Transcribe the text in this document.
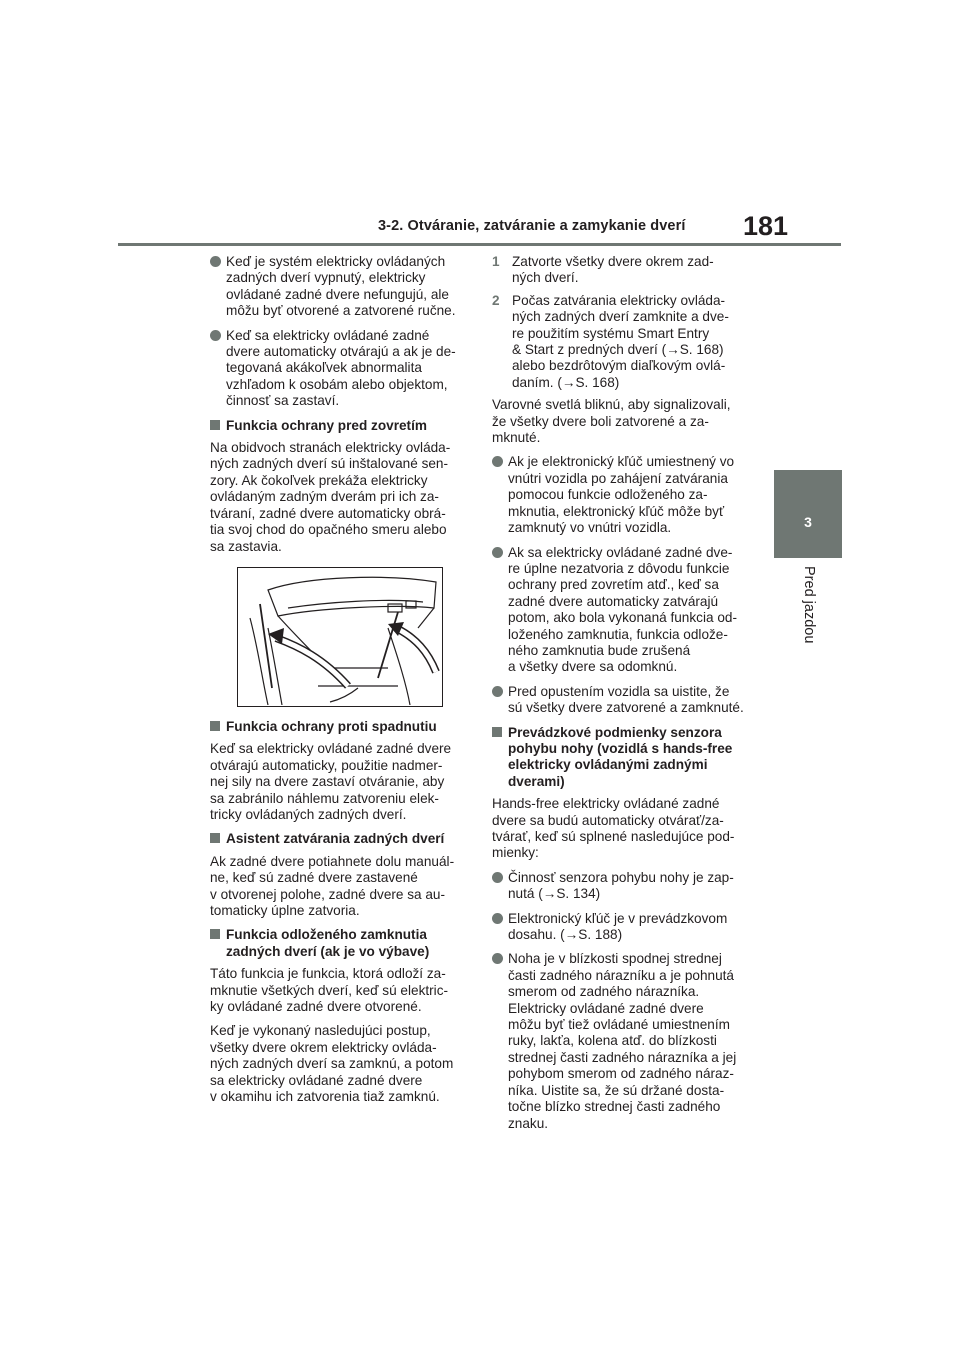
3-2. Otváranie, zatváranie a zamykanie dverí 181
3
Pred jazdou
Keď je systém elektricky ovládaných
zadných dverí vypnutý, elektricky
ovládané zadné dvere nefungujú, ale
môžu byť otvorené a zatvorené ručne.
Keď sa elektricky ovládané zadné
dvere automaticky otvárajú a ak je de-
tegovaná akákoľvek abnormalita
vzhľadom k osobám alebo objektom,
činnosť sa zastaví.
Funkcia ochrany pred zovretím
Na obidvoch stranách elektricky ovláda-
ných zadných dverí sú inštalované sen-
zory. Ak čokoľvek prekáža elektricky
ovládaným zadným dverám pri ich za-
tváraní, zadné dvere automaticky obrá-
tia svoj chod do opačného smeru alebo
sa zastavia.
Funkcia ochrany proti spadnutiu
Keď sa elektricky ovládané zadné dvere
otvárajú automaticky, použitie nadmer-
nej sily na dvere zastaví otváranie, aby
sa zabránilo náhlemu zatvoreniu elek-
tricky ovládaných zadných dverí.
Asistent zatvárania zadných dverí
Ak zadné dvere potiahnete dolu manuál-
ne, keď sú zadné dvere zastavené
v otvorenej polohe, zadné dvere sa au-
tomaticky úplne zatvoria.
Funkcia odloženého zamknutia
zadných dverí (ak je vo výbave)
Táto funkcia je funkcia, ktorá odloží za-
mknutie všetkých dverí, keď sú elektric-
ky ovládané zadné dvere otvorené.
Keď je vykonaný nasledujúci postup,
všetky dvere okrem elektricky ovláda-
ných zadných dverí sa zamknú, a potom
sa elektricky ovládané zadné dvere
v okamihu ich zatvorenia tiaž zamknú.
1 Zatvorte všetky dvere okrem zad-
ných dverí.
2 Počas zatvárania elektricky ovláda-
ných zadných dverí zamknite a dve-
re použitím systému Smart Entry
& Start z predných dverí (→S. 168)
alebo bezdrôtovým diaľkovým ovlá-
daním. (→S. 168)
Varovné svetlá bliknú, aby signalizovali,
že všetky dvere boli zatvorené a za-
mknuté.
Ak je elektronický kľúč umiestnený vo
vnútri vozidla po zahájení zatvárania
pomocou funkcie odloženého za-
mknutia, elektronický kľúč môže byť
zamknutý vo vnútri vozidla.
Ak sa elektricky ovládané zadné dve-
re úplne nezatvoria z dôvodu funkcie
ochrany pred zovretím atď., keď sa
zadné dvere automaticky zatvárajú
potom, ako bola vykonaná funkcia od-
loženého zamknutia, funkcia odlože-
ného zamknutia bude zrušená
a všetky dvere sa odomknú.
Pred opustením vozidla sa uistite, že
sú všetky dvere zatvorené a zamknuté.
Prevádzkové podmienky senzora
pohybu nohy (vozidlá s hands-free
elektricky ovládanými zadnými
dverami)
Hands-free elektricky ovládané zadné
dvere sa budú automaticky otvárať/za-
tvárať, keď sú splnené nasledujúce pod-
mienky:
Činnosť senzora pohybu nohy je zap-
nutá (→S. 134)
Elektronický kľúč je v prevádzkovom
dosahu. (→S. 188)
Noha je v blízkosti spodnej strednej
časti zadného nárazníku a je pohnutá
smerom od zadného nárazníka.
Elektricky ovládané zadné dvere
môžu byť tiež ovládané umiestnením
ruky, lakťa, kolena atď. do blízkosti
strednej časti zadného nárazníka a jej
pohybom smerom od zadného náraz-
níka. Uistite sa, že sú držané dosta-
točne blízko strednej časti zadného
znaku.
